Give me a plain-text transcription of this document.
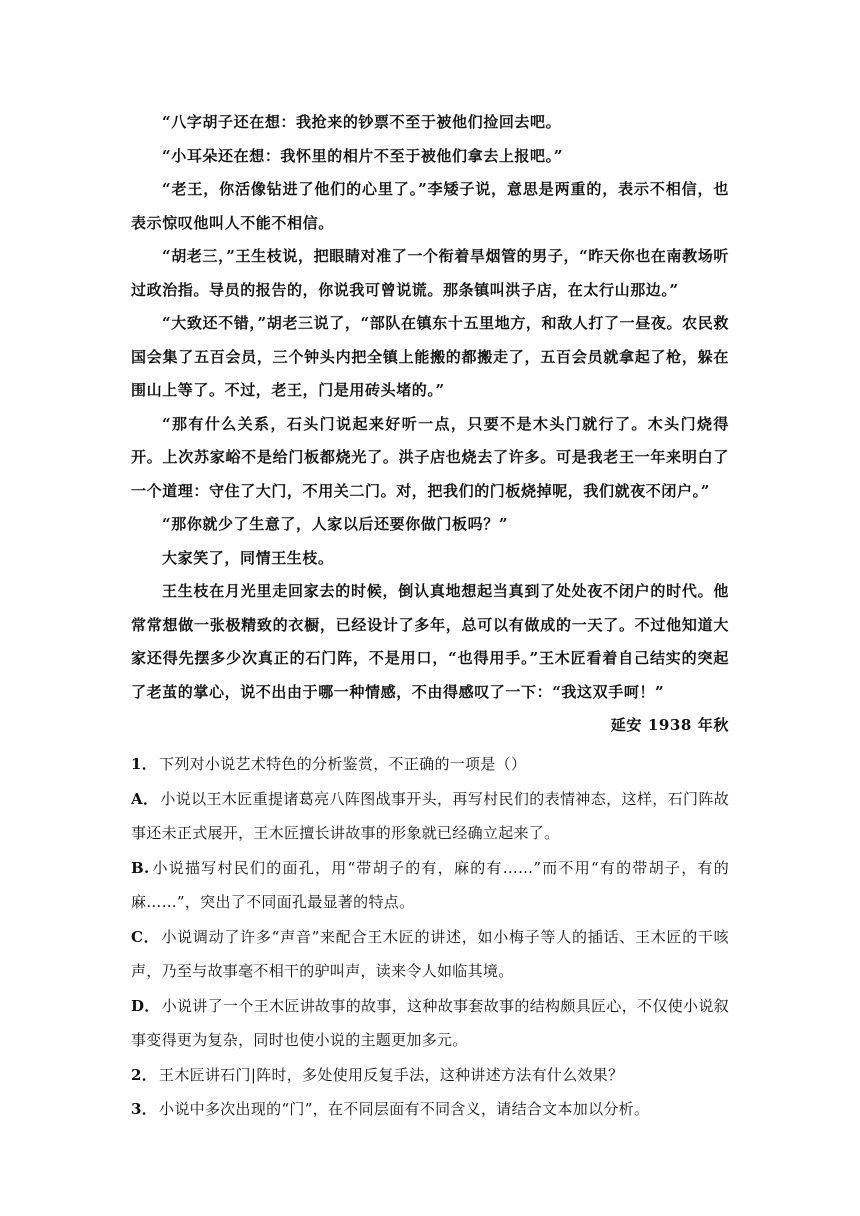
“八字胡子还在想：我抢来的钞票不至于被他们捡回去吧。

“小耳朵还在想：我怀里的相片不至于被他们拿去上报吧。”

“老王，你活像钻进了他们的心里了。”李矮子说，意思是两重的，表示不相信，也表示惊叹他叫人不能不相信。

“胡老三，”王生枝说，把眼睛对准了一个衔着旱烟管的男子，“昨天你也在南教场听过政治指。导员的报告的，你说我可曾说谎。那条镇叫洪子店，在太行山那边。”

“大致还不错，”胡老三说了，“部队在镇东十五里地方，和敌人打了一昼夜。农民救国会集了五百会员，三个钟头内把全镇上能搬的都搬走了，五百会员就拿起了枪，躲在围山上等了。不过，老王，门是用砖头堵的。”

“那有什么关系，石头门说起来好听一点，只要不是木头门就行了。木头门烧得开。上次苏家峪不是给门板都烧光了。洪子店也烧去了许多。可是我老王一年来明白了一个道理：守住了大门，不用关二门。对，把我们的门板烧掉呢，我们就夜不闭户。”

“那你就少了生意了，人家以后还要你做门板吗？”

大家笑了，同情王生枝。

王生枝在月光里走回家去的时候，倒认真地想起当真到了处处夜不闭户的时代。他常常想做一张极精致的衣橱，已经设计了多年，总可以有做成的一天了。不过他知道大家还得先摆多少次真正的石门阵，不是用口，“也得用手。”王木匠看着自己结实的突起了老茧的掌心，说不出由于哪一种情感，不由得感叹了一下：“我这双手呵！”

延安 1938 年秋

1． 下列对小说艺术特色的分析鉴赏，不正确的一项是（）

A． 小说以王木匠重提诸葛亮八阵图战事开头，再写村民们的表情神态，这样，石门阵故事还未正式展开，王木匠擅长讲故事的形象就已经确立起来了。

B. 小说描写村民们的面孔，用“带胡子的有，麻的有……”而不用“有的带胡子，有的麻……”，突出了不同面孔最显著的特点。

C． 小说调动了许多“声音”来配合王木匠的讲述，如小梅子等人的插话、王木匠的干咳声，乃至与故事毫不相干的驴叫声，读来令人如临其境。

D． 小说讲了一个王木匠讲故事的故事，这种故事套故事的结构颇具匠心，不仅使小说叙事变得更为复杂，同时也使小说的主题更加多元。

2． 王木匠讲石门|阵时，多处使用反复手法，这种讲述方法有什么效果？

3． 小说中多次出现的“门”，在不同层面有不同含义，请结合文本加以分析。
